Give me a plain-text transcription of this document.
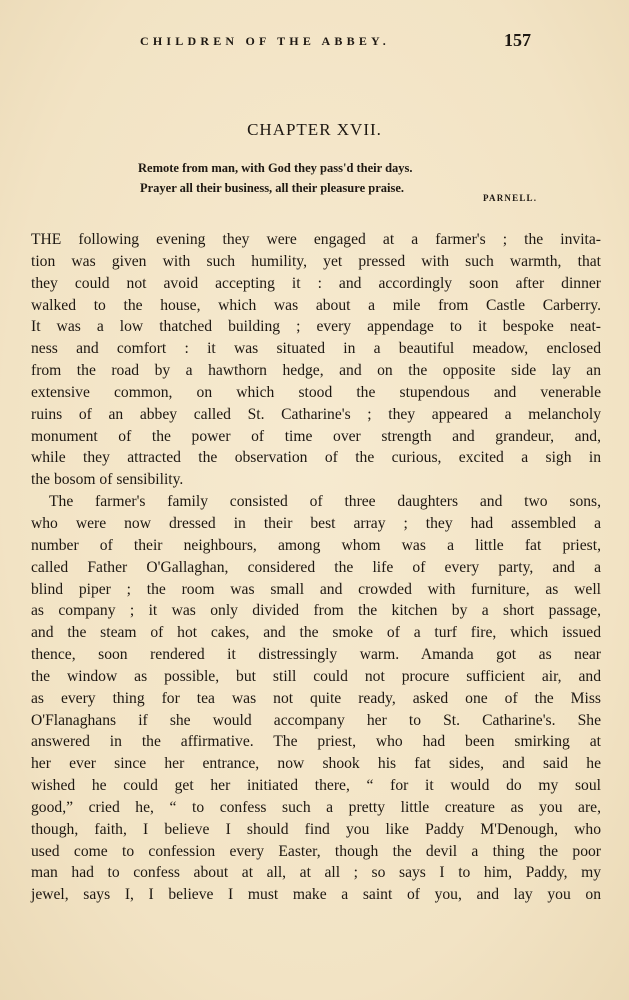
CHILDREN OF THE ABBEY.	157
CHAPTER XVII.
Remote from man, with God they pass'd their days.
Prayer all their business, all their pleasure praise.
PARNELL.
THE following evening they were engaged at a farmer's ; the invita-
tion was given with such humility, yet pressed with such warmth, that
they could not avoid accepting it : and accordingly soon after dinner
walked to the house, which was about a mile from Castle Carberry.
It was a low thatched building ; every appendage to it bespoke neat-
ness and comfort : it was situated in a beautiful meadow, enclosed
from the road by a hawthorn hedge, and on the opposite side lay an
extensive common, on which stood the stupendous and venerable
ruins of an abbey called St. Catharine's ; they appeared a melancholy
monument of the power of time over strength and grandeur, and,
while they attracted the observation of the curious, excited a sigh in
the bosom of sensibility.
The farmer's family consisted of three daughters and two sons,
who were now dressed in their best array ; they had assembled a
number of their neighbours, among whom was a little fat priest,
called Father O'Gallaghan, considered the life of every party, and a
blind piper ; the room was small and crowded with furniture, as well
as company ; it was only divided from the kitchen by a short passage,
and the steam of hot cakes, and the smoke of a turf fire, which issued
thence, soon rendered it distressingly warm. Amanda got as near
the window as possible, but still could not procure sufficient air, and
as every thing for tea was not quite ready, asked one of the Miss
O'Flanaghans if she would accompany her to St. Catharine's. She
answered in the affirmative. The priest, who had been smirking at
her ever since her entrance, now shook his fat sides, and said he
wished he could get her initiated there, “ for it would do my soul
good,” cried he, “ to confess such a pretty little creature as you are,
though, faith, I believe I should find you like Paddy M'Denough, who
used come to confession every Easter, though the devil a thing the poor
man had to confess about at all, at all ; so says I to him, Paddy, my
jewel, says I, I believe I must make a saint of you, and lay you on
